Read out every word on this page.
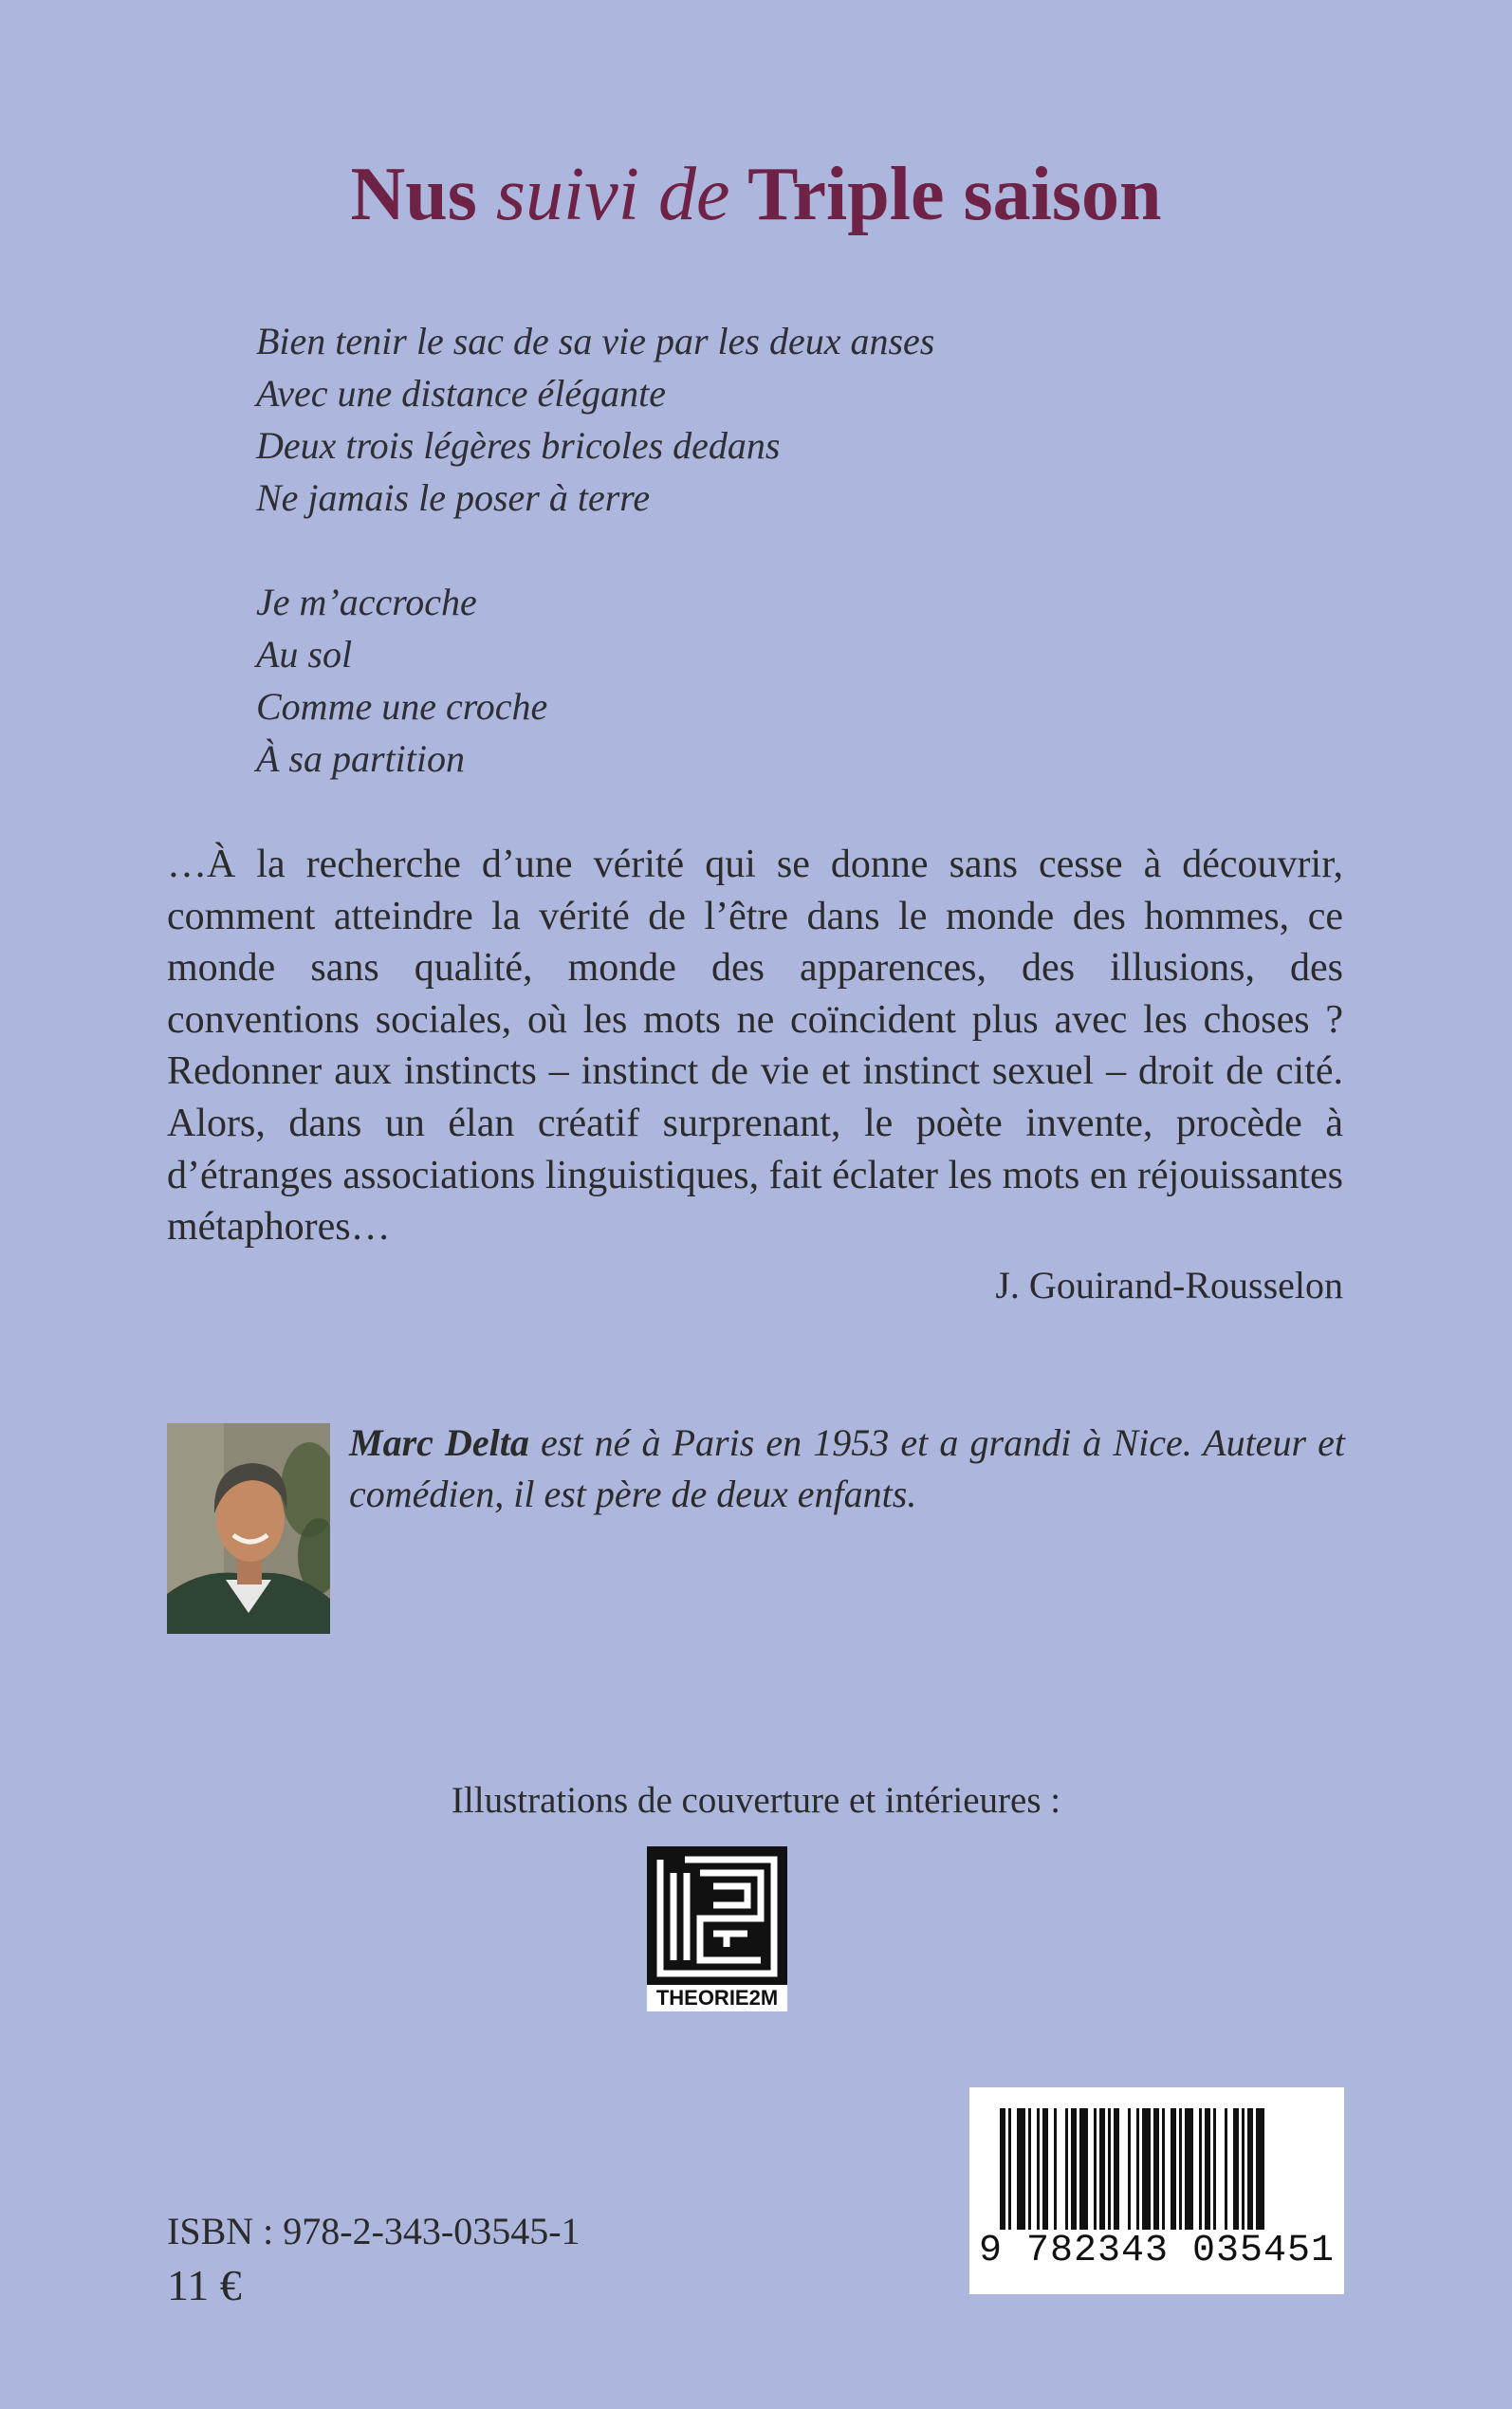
Nus suivi de Triple saison
Bien tenir le sac de sa vie par les deux anses
Avec une distance élégante
Deux trois légères bricoles dedans
Ne jamais le poser à terre
Je m’accroche
Au sol
Comme une croche
À sa partition
…À la recherche d’une vérité qui se donne sans cesse à découvrir, comment atteindre la vérité de l’être dans le monde des hommes, ce monde sans qualité, monde des apparences, des illusions, des conventions sociales, où les mots ne coïncident plus avec les choses ? Redonner aux instincts – instinct de vie et instinct sexuel – droit de cité. Alors, dans un élan créatif surprenant, le poète invente, procède à d’étranges associations linguistiques, fait éclater les mots en réjouissantes métaphores…
J. Gouirand-Rousselon
Marc Delta est né à Paris en 1953 et a grandi à Nice. Auteur et comédien, il est père de deux enfants.
Illustrations de couverture et intérieures :
THEORIE2M
ISBN : 978-2-343-03545-1
11 €
9 782343 035451
